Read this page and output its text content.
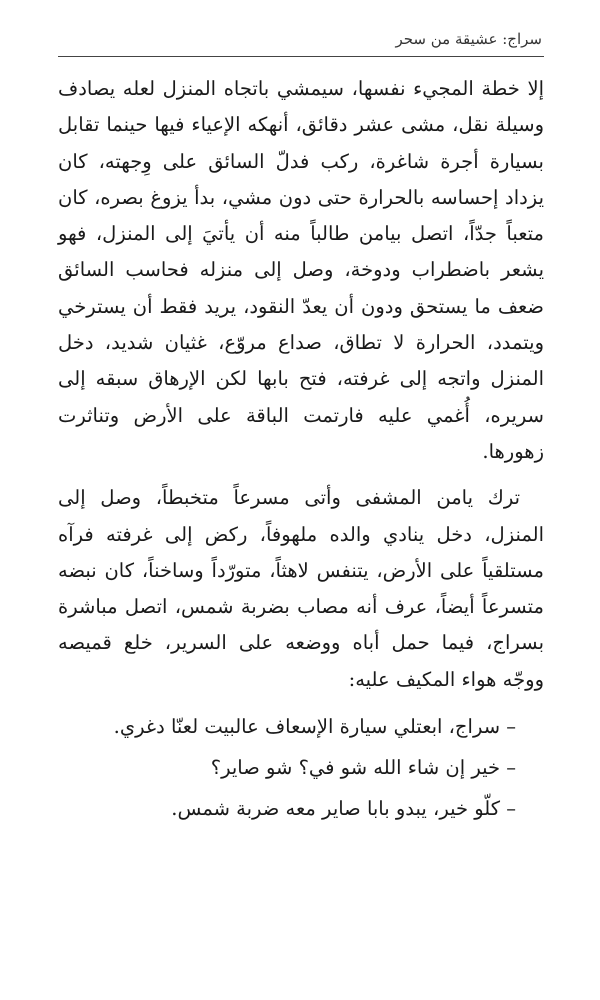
سراج: عشيقة من سحر

إلا خطة المجيء نفسها، سيمشي باتجاه المنزل لعله يصادف وسيلة نقل، مشى عشر دقائق، أنهكه الإعياء فيها حينما تقابل بسيارة أجرة شاغرة، ركب فدلّ السائق على وِجهته، كان يزداد إحساسه بالحرارة حتى دون مشي، بدأ يزوغ بصره، كان متعباً جدّاً، اتصل بيامن طالباً منه أن يأتيَ إلى المنزل، فهو يشعر باضطراب ودوخة، وصل إلى منزله فحاسب السائق ضعف ما يستحق ودون أن يعدّ النقود، يريد فقط أن يسترخي ويتمدد، الحرارة لا تطاق، صداع مروّع، غثيان شديد، دخل المنزل واتجه إلى غرفته، فتح بابها لكن الإرهاق سبقه إلى سريره، أُغمي عليه فارتمت الباقة على الأرض وتناثرت زهورها.

ترك يامن المشفى وأتى مسرعاً متخبطاً، وصل إلى المنزل، دخل ينادي والده ملهوفاً، ركض إلى غرفته فرآه مستلقياً على الأرض، يتنفس لاهثاً، متورّداً وساخناً، كان نبضه متسرعاً أيضاً، عرف أنه مصاب بضربة شمس، اتصل مباشرة بسراج، فيما حمل أباه ووضعه على السرير، خلع قميصه ووجّه هواء المكيف عليه:

– سراج، ابعتلي سيارة الإسعاف عالبيت لعنّا دغري.
– خير إن شاء الله شو في؟ شو صاير؟
– كلّو خير، يبدو بابا صاير معه ضربة شمس.
